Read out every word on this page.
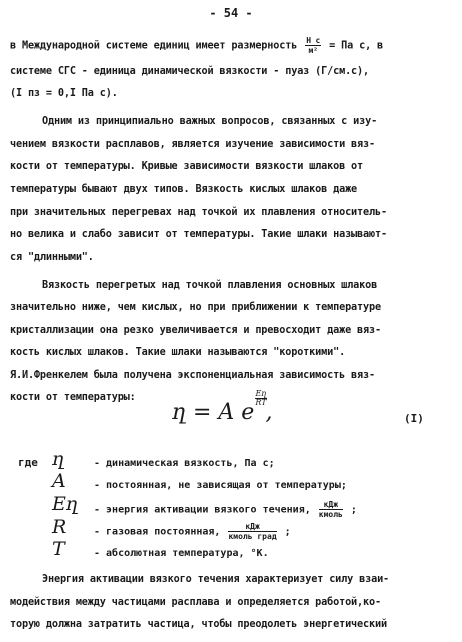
- 54 -
в Международной системе единиц имеет размерность $\frac{\text{Н с}}{\text{м²}}$ = Па с, в
системе СГС - единица динамической вязкости - пуаз (Г/см.с),
(I пз = 0,I Па с).
Одним из принципиально важных вопросов, связанных с изу-
чением вязкости расплавов, является изучение зависимости вяз-
кости от температуры. Кривые зависимости вязкости шлаков от
температуры бывают двух типов. Вязкость кислых шлаков даже
при значительных перегревах над точкой их плавления относитель-
но велика и слабо зависит от температуры. Такие шлаки называют-
ся "длинными".
Вязкость перегретых над точкой плавления основных шлаков
значительно ниже, чем кислых, но при приближении к температуре
кристаллизации она резко увеличивается и превосходит даже вяз-
кость кислых шлаков. Такие шлаки называются "короткими".
Я.И.Френкелем была получена экспоненциальная зависимость вяз-
кости от температуры:
ղ = A e
$\frac{\text{Eղ}}{RT}$
,	(I)
где ղ	- динамическая вязкость, Па с;
A	- постоянная, не зависящая от температуры;
Eղ	- энергия активации вязкого течения, $\frac{\text{кДж}}{\text{кмоль}}$ ;
R	- газовая постоянная, $\frac{\text{кДж}}{\text{кмоль град}}$ ;
T	- абсолютная температура, °К.
Энергия активации вязкого течения характеризует силу взаи-
модействия между частицами расплава и определяется работой,ко-
торую должна затратить частица, чтобы преодолеть энергетический
